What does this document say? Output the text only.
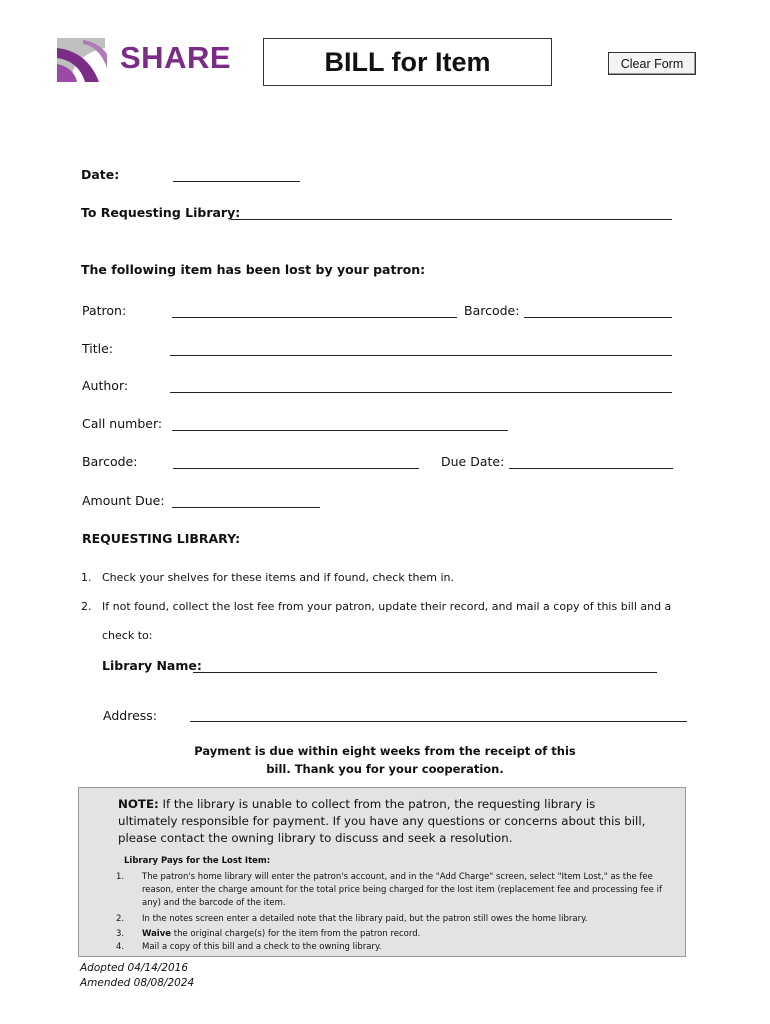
SHARE	BILL for Item	Clear Form
Date:
To Requesting Library:
The following item has been lost by your patron:
Patron:	Barcode:
Title:
Author:
Call number:
Barcode:	Due Date:
Amount Due:
REQUESTING LIBRARY:
1. Check your shelves for these items and if found, check them in.
2. If not found, collect the lost fee from your patron, update their record, and mail a copy of this bill and a
check to:
Library Name:
Address:
Payment is due within eight weeks from the receipt of this
bill. Thank you for your cooperation.
NOTE: If the library is unable to collect from the patron, the requesting library is ultimately responsible for payment. If you have any questions or concerns about this bill, please contact the owning library to discuss and seek a resolution.
Library Pays for the Lost Item:
1.	The patron's home library will enter the patron's account, and in the "Add Charge" screen, select "Item Lost," as the fee reason, enter the charge amount for the total price being charged for the lost item (replacement fee and processing fee if any) and the barcode of the item.
2.	In the notes screen enter a detailed note that the library paid, but the patron still owes the home library.
3.	Waive the original charge(s) for the item from the patron record.
4.	Mail a copy of this bill and a check to the owning library.
Adopted 04/14/2016
Amended 08/08/2024
